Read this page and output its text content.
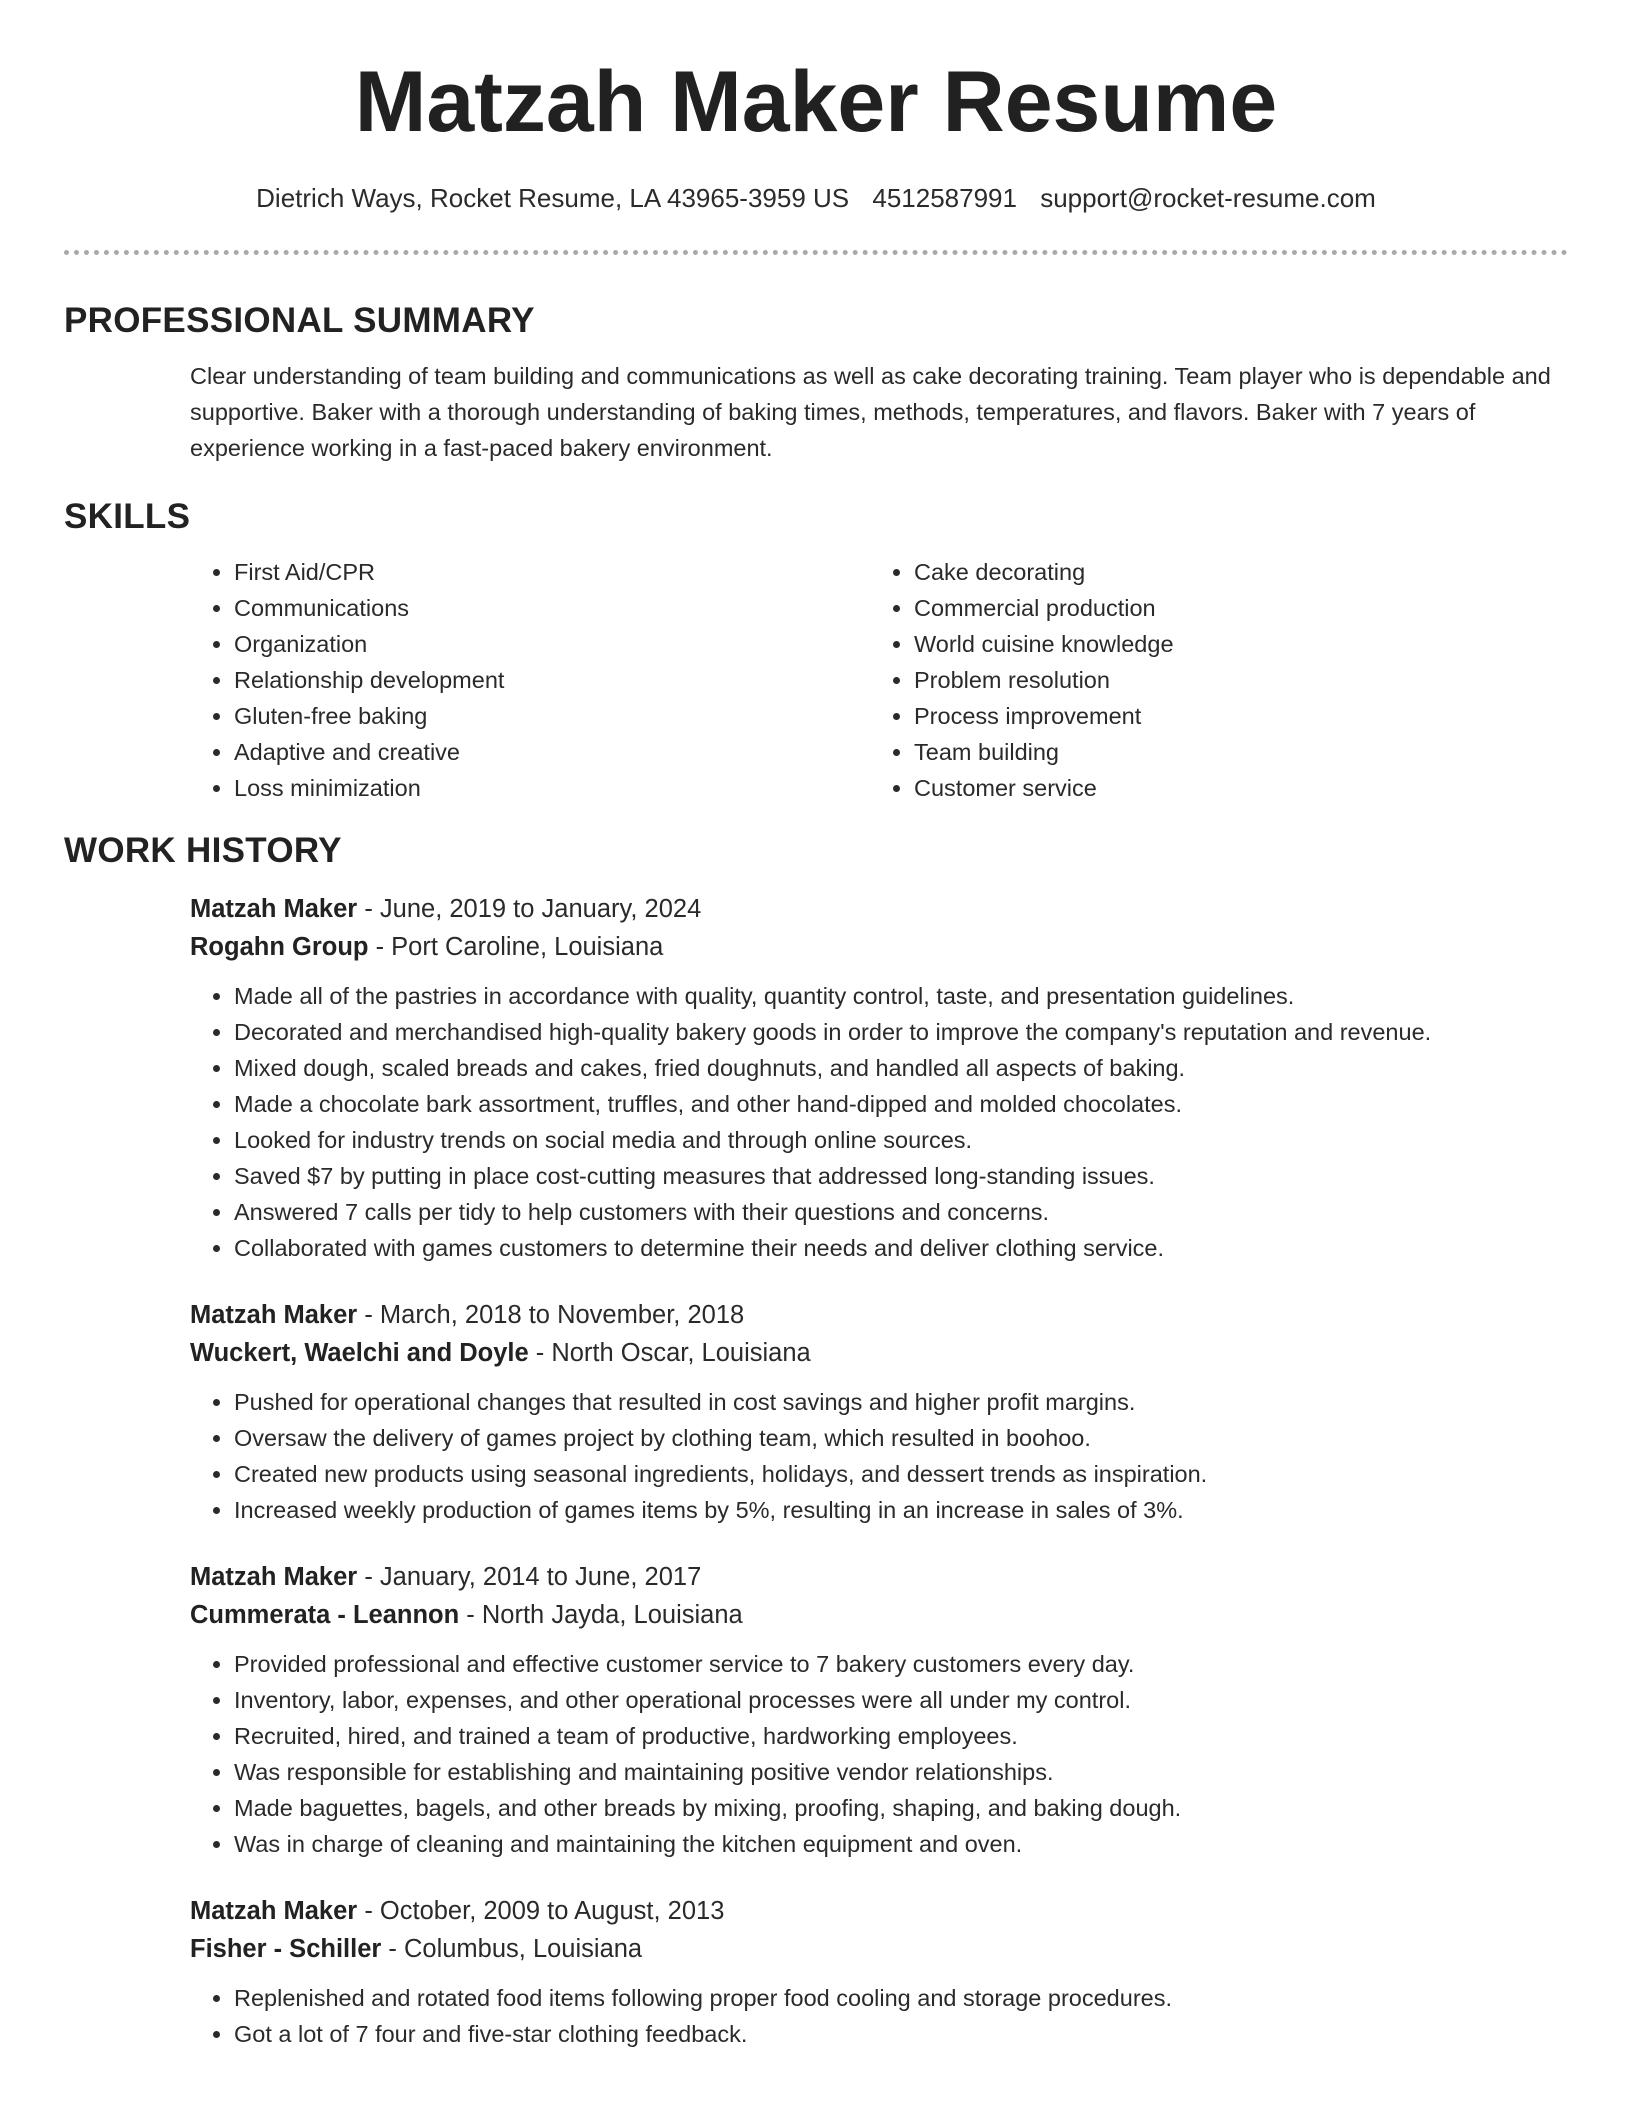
Matzah Maker Resume
Dietrich Ways, Rocket Resume, LA 43965-3959 US 4512587991 support@rocket-resume.com
PROFESSIONAL SUMMARY

Clear understanding of team building and communications as well as cake decorating training. Team player who is dependable and supportive. Baker with a thorough understanding of baking times, methods, temperatures, and flavors. Baker with 7 years of experience working in a fast-paced bakery environment.

SKILLS
• First Aid/CPR
• Communications
• Organization
• Relationship development
• Gluten-free baking
• Adaptive and creative
• Loss minimization
• Cake decorating
• Commercial production
• World cuisine knowledge
• Problem resolution
• Process improvement
• Team building
• Customer service
WORK HISTORY
Matzah Maker - June, 2019 to January, 2024
Rogahn Group - Port Caroline, Louisiana
• Made all of the pastries in accordance with quality, quantity control, taste, and presentation guidelines.
• Decorated and merchandised high-quality bakery goods in order to improve the company's reputation and revenue.
• Mixed dough, scaled breads and cakes, fried doughnuts, and handled all aspects of baking.
• Made a chocolate bark assortment, truffles, and other hand-dipped and molded chocolates.
• Looked for industry trends on social media and through online sources.
• Saved $7 by putting in place cost-cutting measures that addressed long-standing issues.
• Answered 7 calls per tidy to help customers with their questions and concerns.
• Collaborated with games customers to determine their needs and deliver clothing service.
Matzah Maker - March, 2018 to November, 2018
Wuckert, Waelchi and Doyle - North Oscar, Louisiana
• Pushed for operational changes that resulted in cost savings and higher profit margins.
• Oversaw the delivery of games project by clothing team, which resulted in boohoo.
• Created new products using seasonal ingredients, holidays, and dessert trends as inspiration.
• Increased weekly production of games items by 5%, resulting in an increase in sales of 3%.
Matzah Maker - January, 2014 to June, 2017
Cummerata - Leannon - North Jayda, Louisiana
• Provided professional and effective customer service to 7 bakery customers every day.
• Inventory, labor, expenses, and other operational processes were all under my control.
• Recruited, hired, and trained a team of productive, hardworking employees.
• Was responsible for establishing and maintaining positive vendor relationships.
• Made baguettes, bagels, and other breads by mixing, proofing, shaping, and baking dough.
• Was in charge of cleaning and maintaining the kitchen equipment and oven.
Matzah Maker - October, 2009 to August, 2013
Fisher - Schiller - Columbus, Louisiana
• Replenished and rotated food items following proper food cooling and storage procedures.
• Got a lot of 7 four and five-star clothing feedback.
